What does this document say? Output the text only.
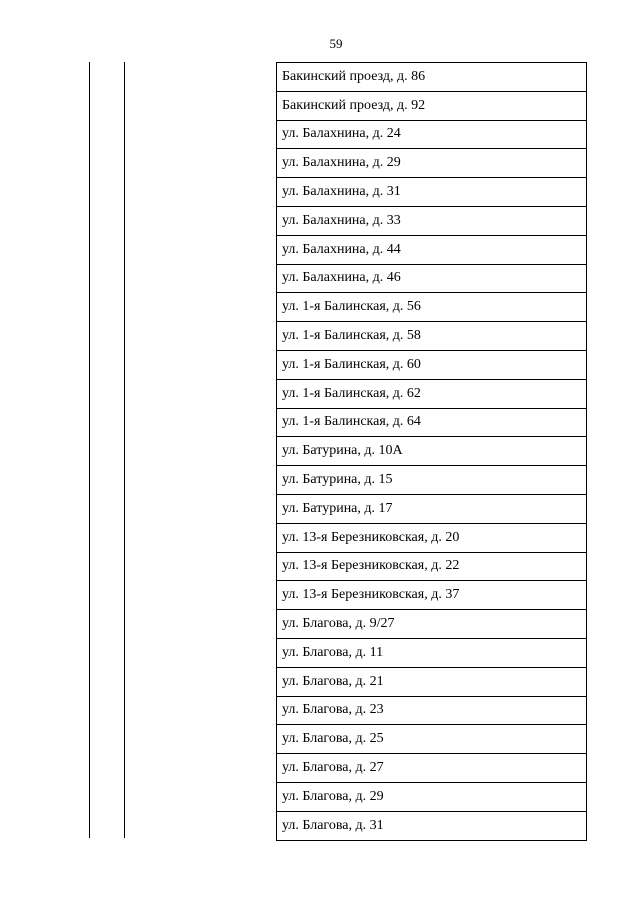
59
Бакинский проезд, д. 86
Бакинский проезд, д. 92
ул. Балахнина, д. 24
ул. Балахнина, д. 29
ул. Балахнина, д. 31
ул. Балахнина, д. 33
ул. Балахнина, д. 44
ул. Балахнина, д. 46
ул. 1-я Балинская, д. 56
ул. 1-я Балинская, д. 58
ул. 1-я Балинская, д. 60
ул. 1-я Балинская, д. 62
ул. 1-я Балинская, д. 64
ул. Батурина, д. 10А
ул. Батурина, д. 15
ул. Батурина, д. 17
ул. 13-я Березниковская, д. 20
ул. 13-я Березниковская, д. 22
ул. 13-я Березниковская, д. 37
ул. Благова, д. 9/27
ул. Благова, д. 11
ул. Благова, д. 21
ул. Благова, д. 23
ул. Благова, д. 25
ул. Благова, д. 27
ул. Благова, д. 29
ул. Благова, д. 31
